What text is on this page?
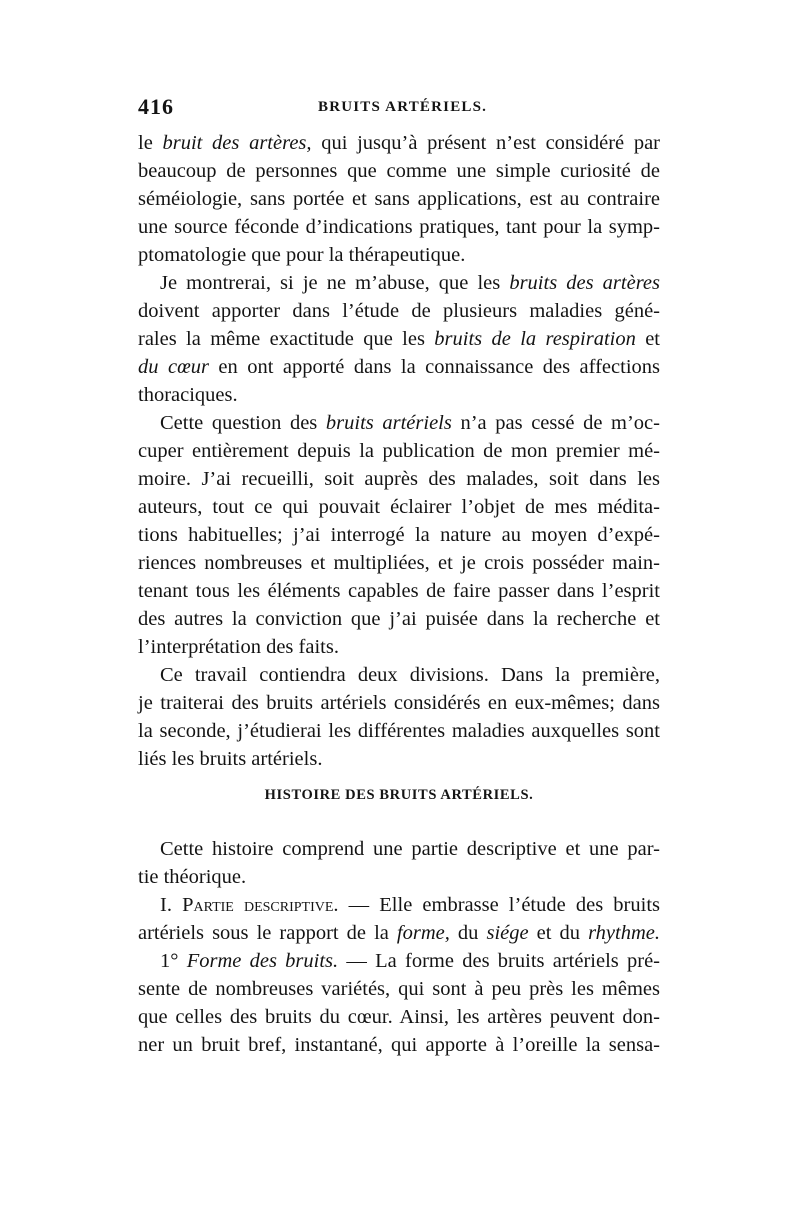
416	BRUITS ARTÉRIELS.
le bruit des artères, qui jusqu’à présent n’est considéré par
beaucoup de personnes que comme une simple curiosité de
séméiologie, sans portée et sans applications, est au contraire
une source féconde d’indications pratiques, tant pour la symp-
ptomatologie que pour la thérapeutique.
Je montrerai, si je ne m’abuse, que les bruits des artères
doivent apporter dans l’étude de plusieurs maladies géné-
rales la même exactitude que les bruits de la respiration et
du cœur en ont apporté dans la connaissance des affections
thoraciques.
Cette question des bruits artériels n’a pas cessé de m’oc-
cuper entièrement depuis la publication de mon premier mé-
moire. J’ai recueilli, soit auprès des malades, soit dans les
auteurs, tout ce qui pouvait éclairer l’objet de mes médita-
tions habituelles; j’ai interrogé la nature au moyen d’expé-
riences nombreuses et multipliées, et je crois posséder main-
tenant tous les éléments capables de faire passer dans l’esprit
des autres la conviction que j’ai puisée dans la recherche et
l’interprétation des faits.
Ce travail contiendra deux divisions. Dans la première,
je traiterai des bruits artériels considérés en eux-mêmes; dans
la seconde, j’étudierai les différentes maladies auxquelles sont
liés les bruits artériels.
HISTOIRE DES BRUITS ARTÉRIELS.
Cette histoire comprend une partie descriptive et une par-
tie théorique.
I. Partie descriptive. — Elle embrasse l’étude des bruits
artériels sous le rapport de la forme, du siége et du rhythme.
1° Forme des bruits. — La forme des bruits artériels pré-
sente de nombreuses variétés, qui sont à peu près les mêmes
que celles des bruits du cœur. Ainsi, les artères peuvent don-
ner un bruit bref, instantané, qui apporte à l’oreille la sensa-
